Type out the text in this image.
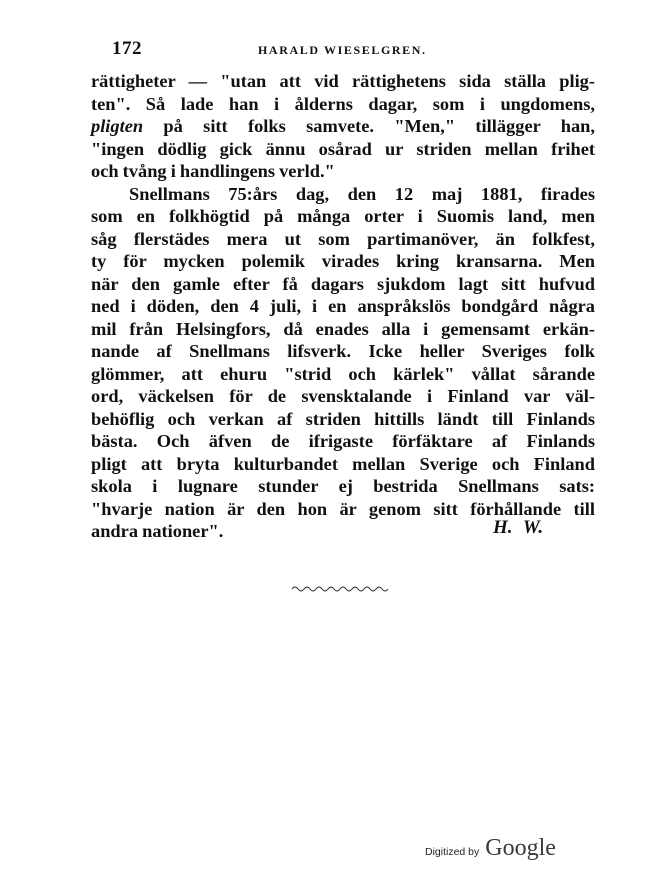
172	HARALD WIESELGREN.
rättigheter — "utan att vid rättighetens sida ställa plig-
ten". Så lade han i ålderns dagar, som i ungdomens,
pligten på sitt folks samvete. "Men," tillägger han,
"ingen dödlig gick ännu osårad ur striden mellan frihet
och tvång i handlingens verld."
Snellmans 75:års dag, den 12 maj 1881, firades
som en folkhögtid på många orter i Suomis land, men
såg flerstädes mera ut som partimanöver, än folkfest,
ty för mycken polemik virades kring kransarna. Men
när den gamle efter få dagars sjukdom lagt sitt hufvud
ned i döden, den 4 juli, i en anspråkslös bondgård några
mil från Helsingfors, då enades alla i gemensamt erkän-
nande af Snellmans lifsverk. Icke heller Sveriges folk
glömmer, att ehuru "strid och kärlek" vållat sårande
ord, väckelsen för de svensktalande i Finland var väl-
behöflig och verkan af striden hittills ländt till Finlands
bästa. Och äfven de ifrigaste förfäktare af Finlands
pligt att bryta kulturbandet mellan Sverige och Finland
skola i lugnare stunder ej bestrida Snellmans sats:
"hvarje nation är den hon är genom sitt förhållande till
andra nationer".	H. W.
Digitized by Google
